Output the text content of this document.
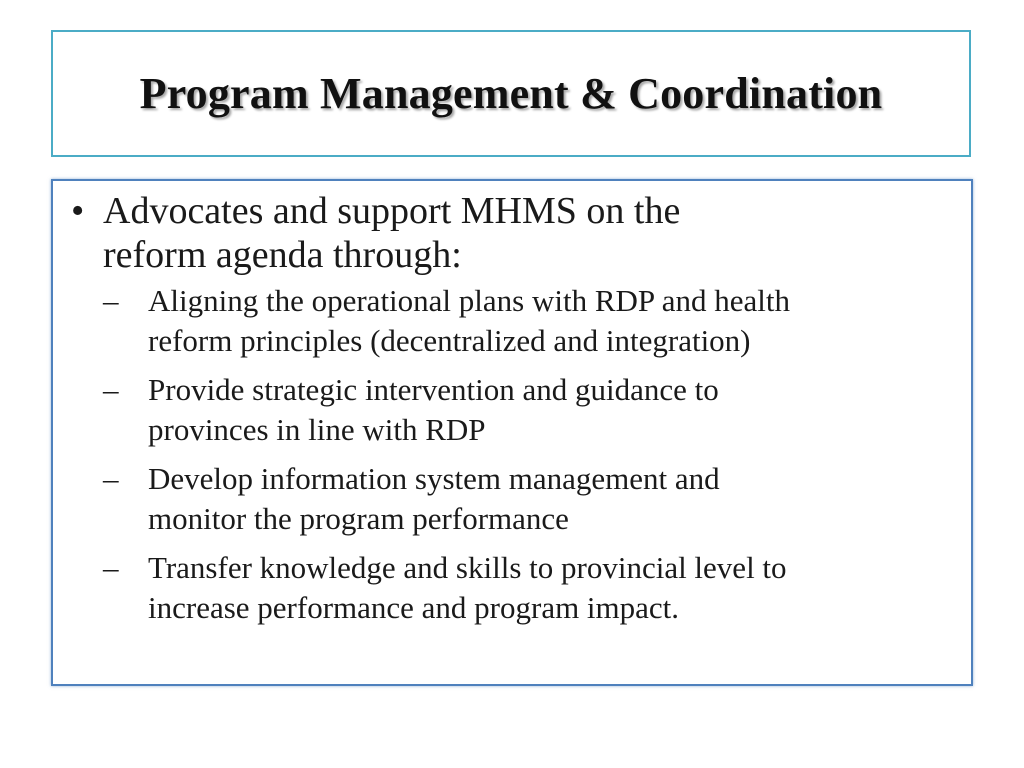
Program Management & Coordination
• Advocates and support MHMS on the
reform agenda through:
– Aligning the operational plans with RDP and health
reform principles (decentralized and integration)
– Provide strategic intervention and guidance to
provinces in line with RDP
– Develop information system management and
monitor the program performance
– Transfer knowledge and skills to provincial level to
increase performance and program impact.
